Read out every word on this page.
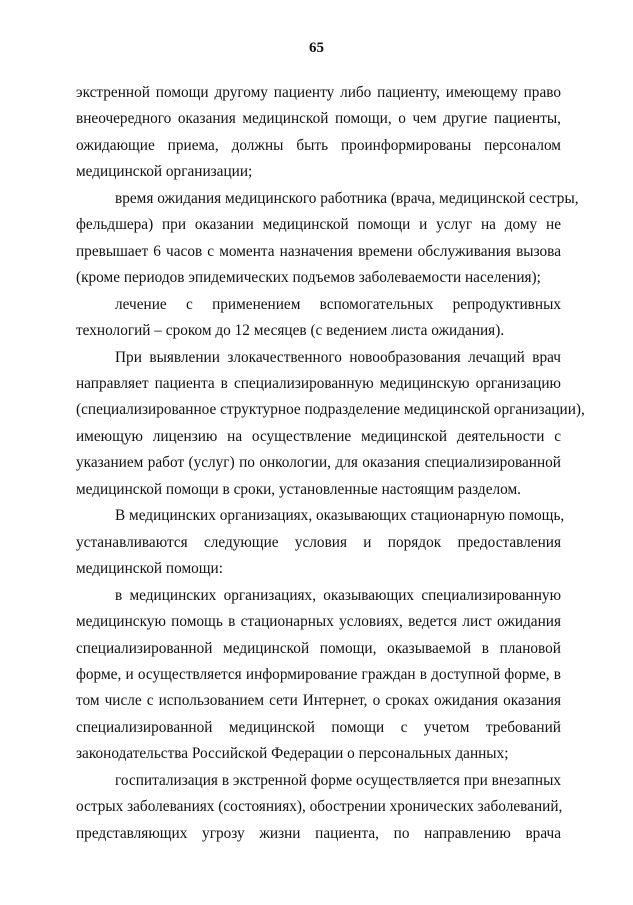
65
экстренной помощи другому пациенту либо пациенту, имеющему право
внеочередного оказания медицинской помощи, о чем другие пациенты,
ожидающие приема, должны быть проинформированы персоналом
медицинской организации;
время ожидания медицинского работника (врача, медицинской сестры,
фельдшера) при оказании медицинской помощи и услуг на дому не
превышает 6 часов с момента назначения времени обслуживания вызова
(кроме периодов эпидемических подъемов заболеваемости населения);
лечение с применением вспомогательных репродуктивных
технологий – сроком до 12 месяцев (с ведением листа ожидания).
При выявлении злокачественного новообразования лечащий врач
направляет пациента в специализированную медицинскую организацию
(специализированное структурное подразделение медицинской организации),
имеющую лицензию на осуществление медицинской деятельности с
указанием работ (услуг) по онкологии, для оказания специализированной
медицинской помощи в сроки, установленные настоящим разделом.
В медицинских организациях, оказывающих стационарную помощь,
устанавливаются следующие условия и порядок предоставления
медицинской помощи:
в медицинских организациях, оказывающих специализированную
медицинскую помощь в стационарных условиях, ведется лист ожидания
специализированной медицинской помощи, оказываемой в плановой
форме, и осуществляется информирование граждан в доступной форме, в
том числе с использованием сети Интернет, о сроках ожидания оказания
специализированной медицинской помощи с учетом требований
законодательства Российской Федерации о персональных данных;
госпитализация в экстренной форме осуществляется при внезапных
острых заболеваниях (состояниях), обострении хронических заболеваний,
представляющих угрозу жизни пациента, по направлению врача
